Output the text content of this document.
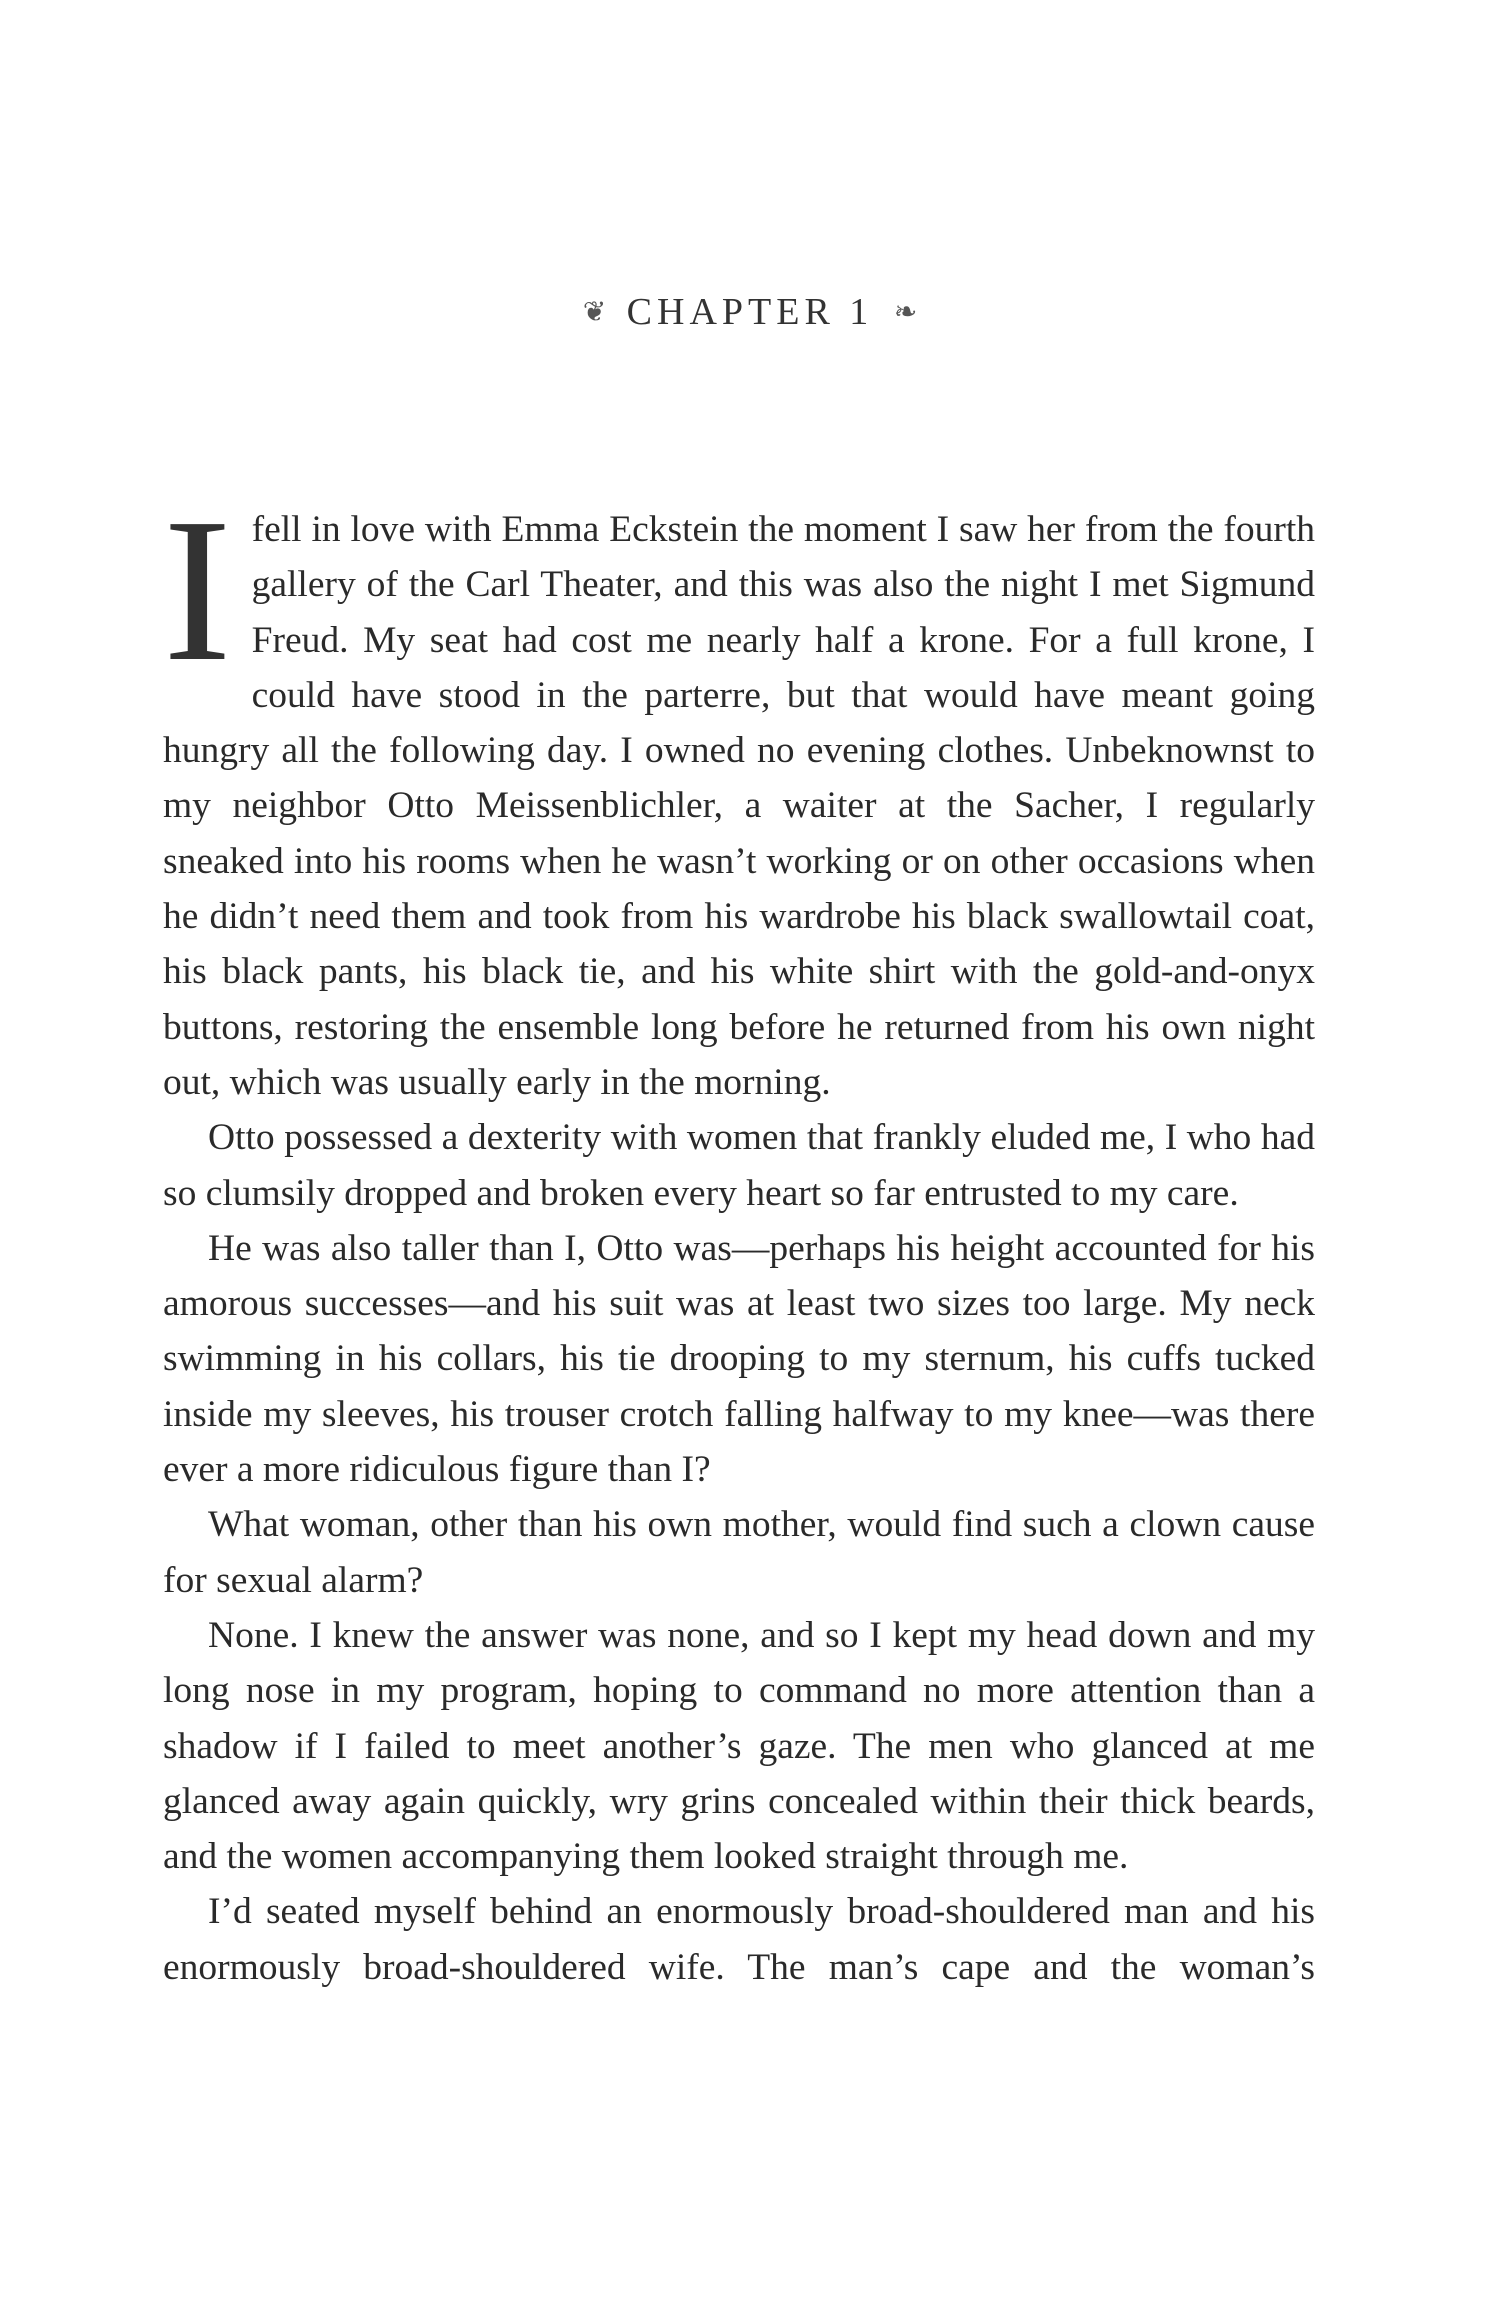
❦ CHAPTER 1 ❧

I fell in love with Emma Eckstein the moment I saw her from the fourth gallery of the Carl Theater, and this was also the night I met Sigmund Freud. My seat had cost me nearly half a krone. For a full krone, I could have stood in the parterre, but that would have meant going hungry all the following day. I owned no evening clothes. Unbeknownst to my neighbor Otto Meissenblichler, a waiter at the Sacher, I regularly sneaked into his rooms when he wasn’t working or on other occasions when he didn’t need them and took from his wardrobe his black swallowtail coat, his black pants, his black tie, and his white shirt with the gold-and-onyx buttons, restoring the ensemble long before he returned from his own night out, which was usually early in the morning.

Otto possessed a dexterity with women that frankly eluded me, I who had so clumsily dropped and broken every heart so far entrusted to my care.

He was also taller than I, Otto was—perhaps his height accounted for his amorous successes—and his suit was at least two sizes too large. My neck swimming in his collars, his tie drooping to my sternum, his cuffs tucked inside my sleeves, his trouser crotch falling halfway to my knee—was there ever a more ridiculous figure than I?

What woman, other than his own mother, would find such a clown cause for sexual alarm?

None. I knew the answer was none, and so I kept my head down and my long nose in my program, hoping to command no more attention than a shadow if I failed to meet another’s gaze. The men who glanced at me glanced away again quickly, wry grins concealed within their thick beards, and the women accompanying them looked straight through me.

I’d seated myself behind an enormously broad-shouldered man and his enormously broad-shouldered wife. The man’s cape and the woman’s
